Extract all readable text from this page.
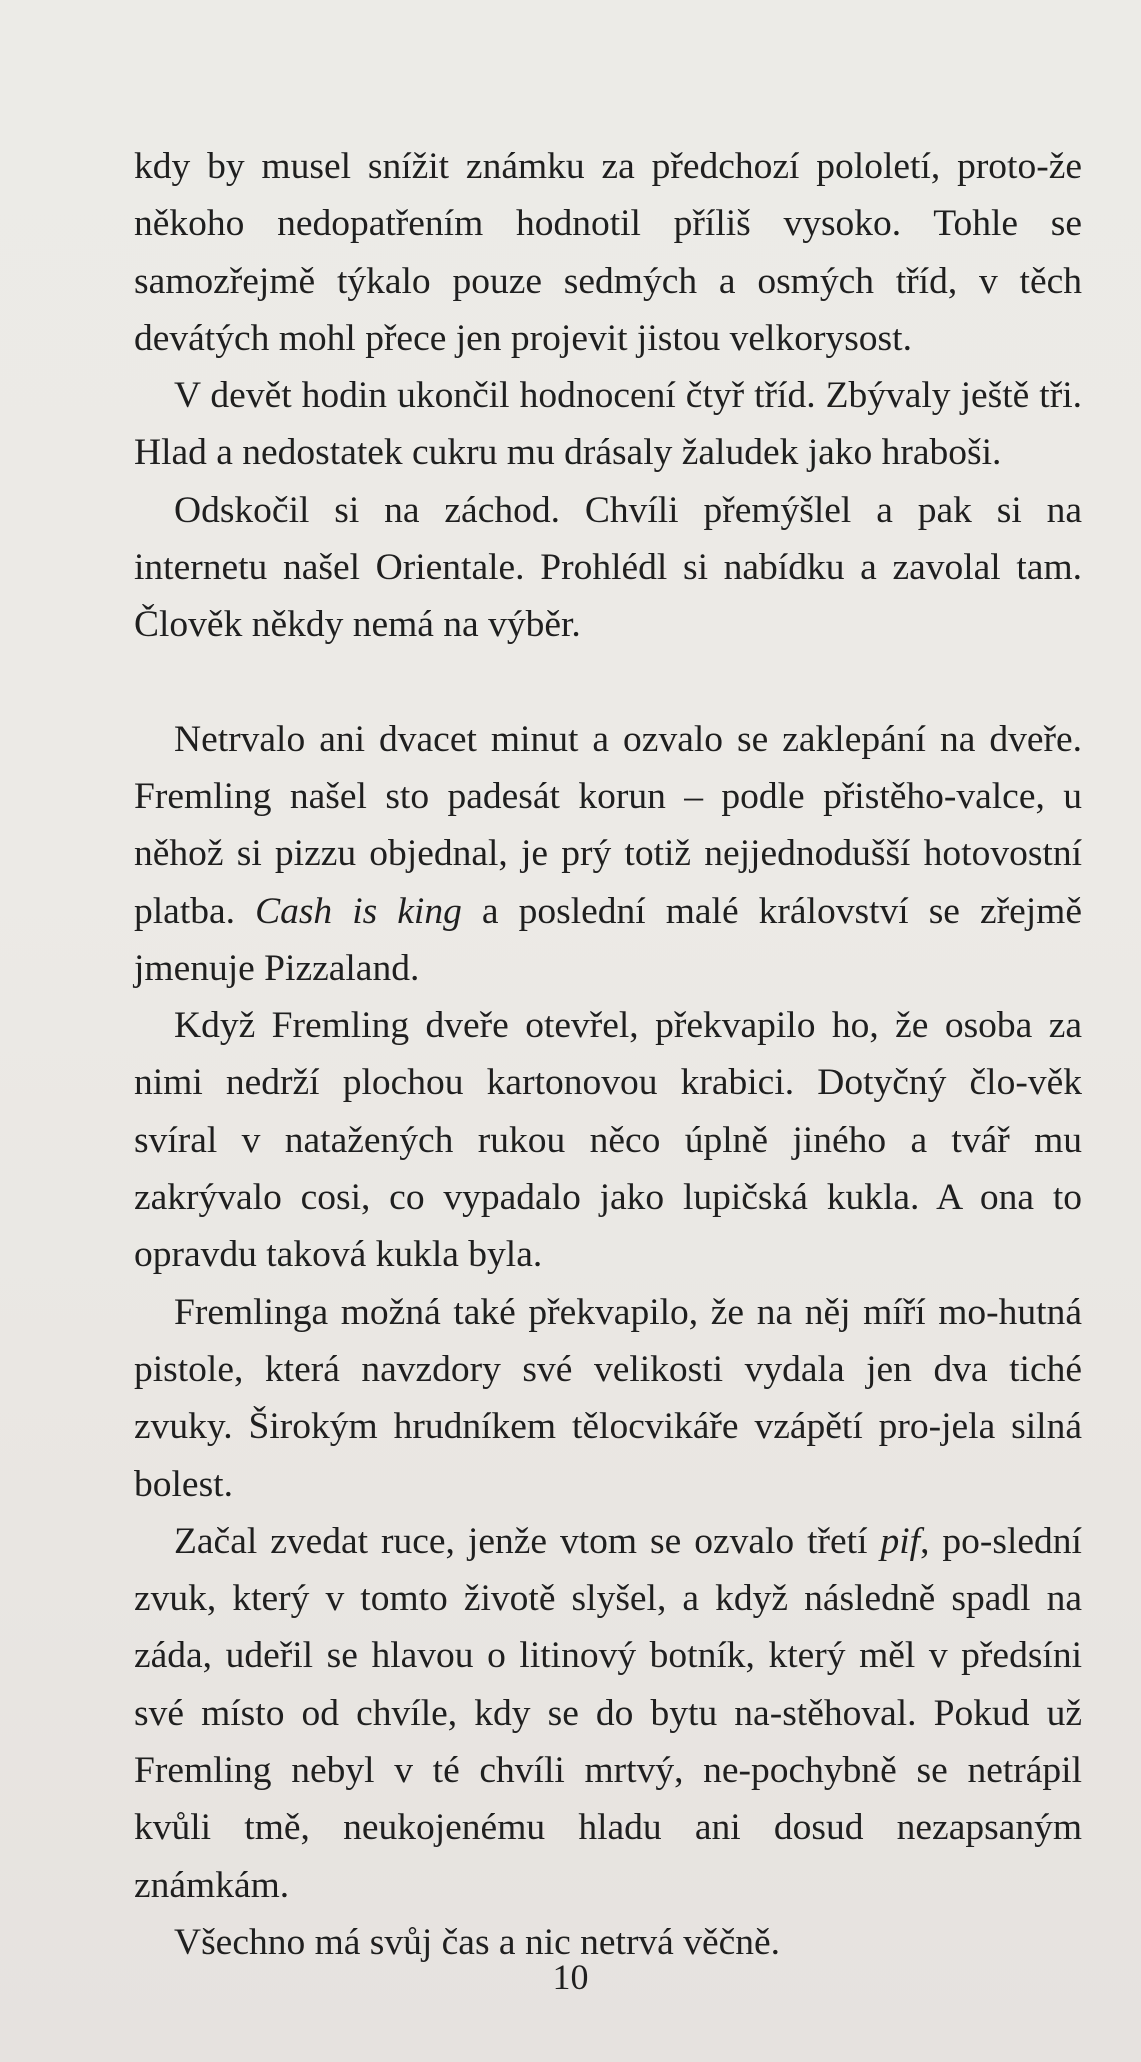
kdy by musel snížit známku za předchozí pololetí, proto-že někoho nedopatřením hodnotil příliš vysoko. Tohle se samozřejmě týkalo pouze sedmých a osmých tříd, v těch devátých mohl přece jen projevit jistou velkorysost.

V devět hodin ukončil hodnocení čtyř tříd. Zbývaly ještě tři. Hlad a nedostatek cukru mu drásaly žaludek jako hraboši.

Odskočil si na záchod. Chvíli přemýšlel a pak si na internetu našel Orientale. Prohlédl si nabídku a zavolal tam. Člověk někdy nemá na výběr.

Netrvalo ani dvacet minut a ozvalo se zaklepání na dveře. Fremling našel sto padesát korun – podle přistěho-valce, u něhož si pizzu objednal, je prý totiž nejjednodušší hotovostní platba. Cash is king a poslední malé království se zřejmě jmenuje Pizzaland.

Když Fremling dveře otevřel, překvapilo ho, že osoba za nimi nedrží plochou kartonovou krabici. Dotyčný člo-věk svíral v natažených rukou něco úplně jiného a tvář mu zakrývalo cosi, co vypadalo jako lupičská kukla. A ona to opravdu taková kukla byla.

Fremlinga možná také překvapilo, že na něj míří mo-hutná pistole, která navzdory své velikosti vydala jen dva tiché zvuky. Širokým hrudníkem tělocvikáře vzápětí pro-jela silná bolest.

Začal zvedat ruce, jenže vtom se ozvalo třetí pif, po-slední zvuk, který v tomto životě slyšel, a když následně spadl na záda, udeřil se hlavou o litinový botník, který měl v předsíni své místo od chvíle, kdy se do bytu na-stěhoval. Pokud už Fremling nebyl v té chvíli mrtvý, ne-pochybně se netrápil kvůli tmě, neukojenému hladu ani dosud nezapsaným známkám.

Všechno má svůj čas a nic netrvá věčně.

10
